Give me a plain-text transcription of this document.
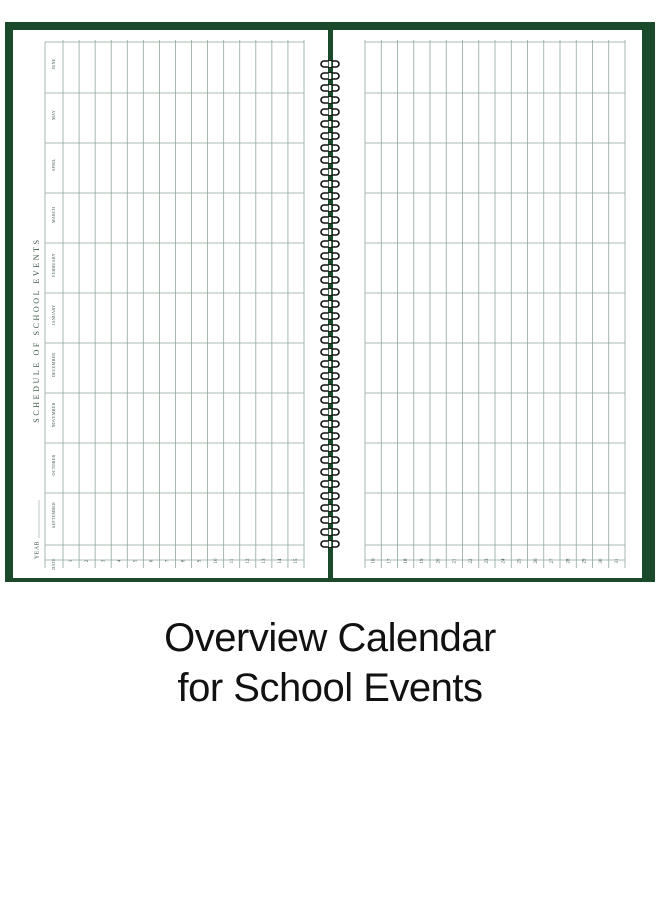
SCHEDULE OF SCHOOL EVENTS
YEAR
SEPTEMBER
OCTOBER
NOVEMBER
DECEMBER
JANUARY
FEBRUARY
MARCH
APRIL
MAY
JUNE
DATE	1 2 3 4 5 6 7 8 9 10 11 12 13 14 15	16 17 18 19 20 21 22 23 24 25 26 27 28 29 30 31
Overview Calendar
for School Events
